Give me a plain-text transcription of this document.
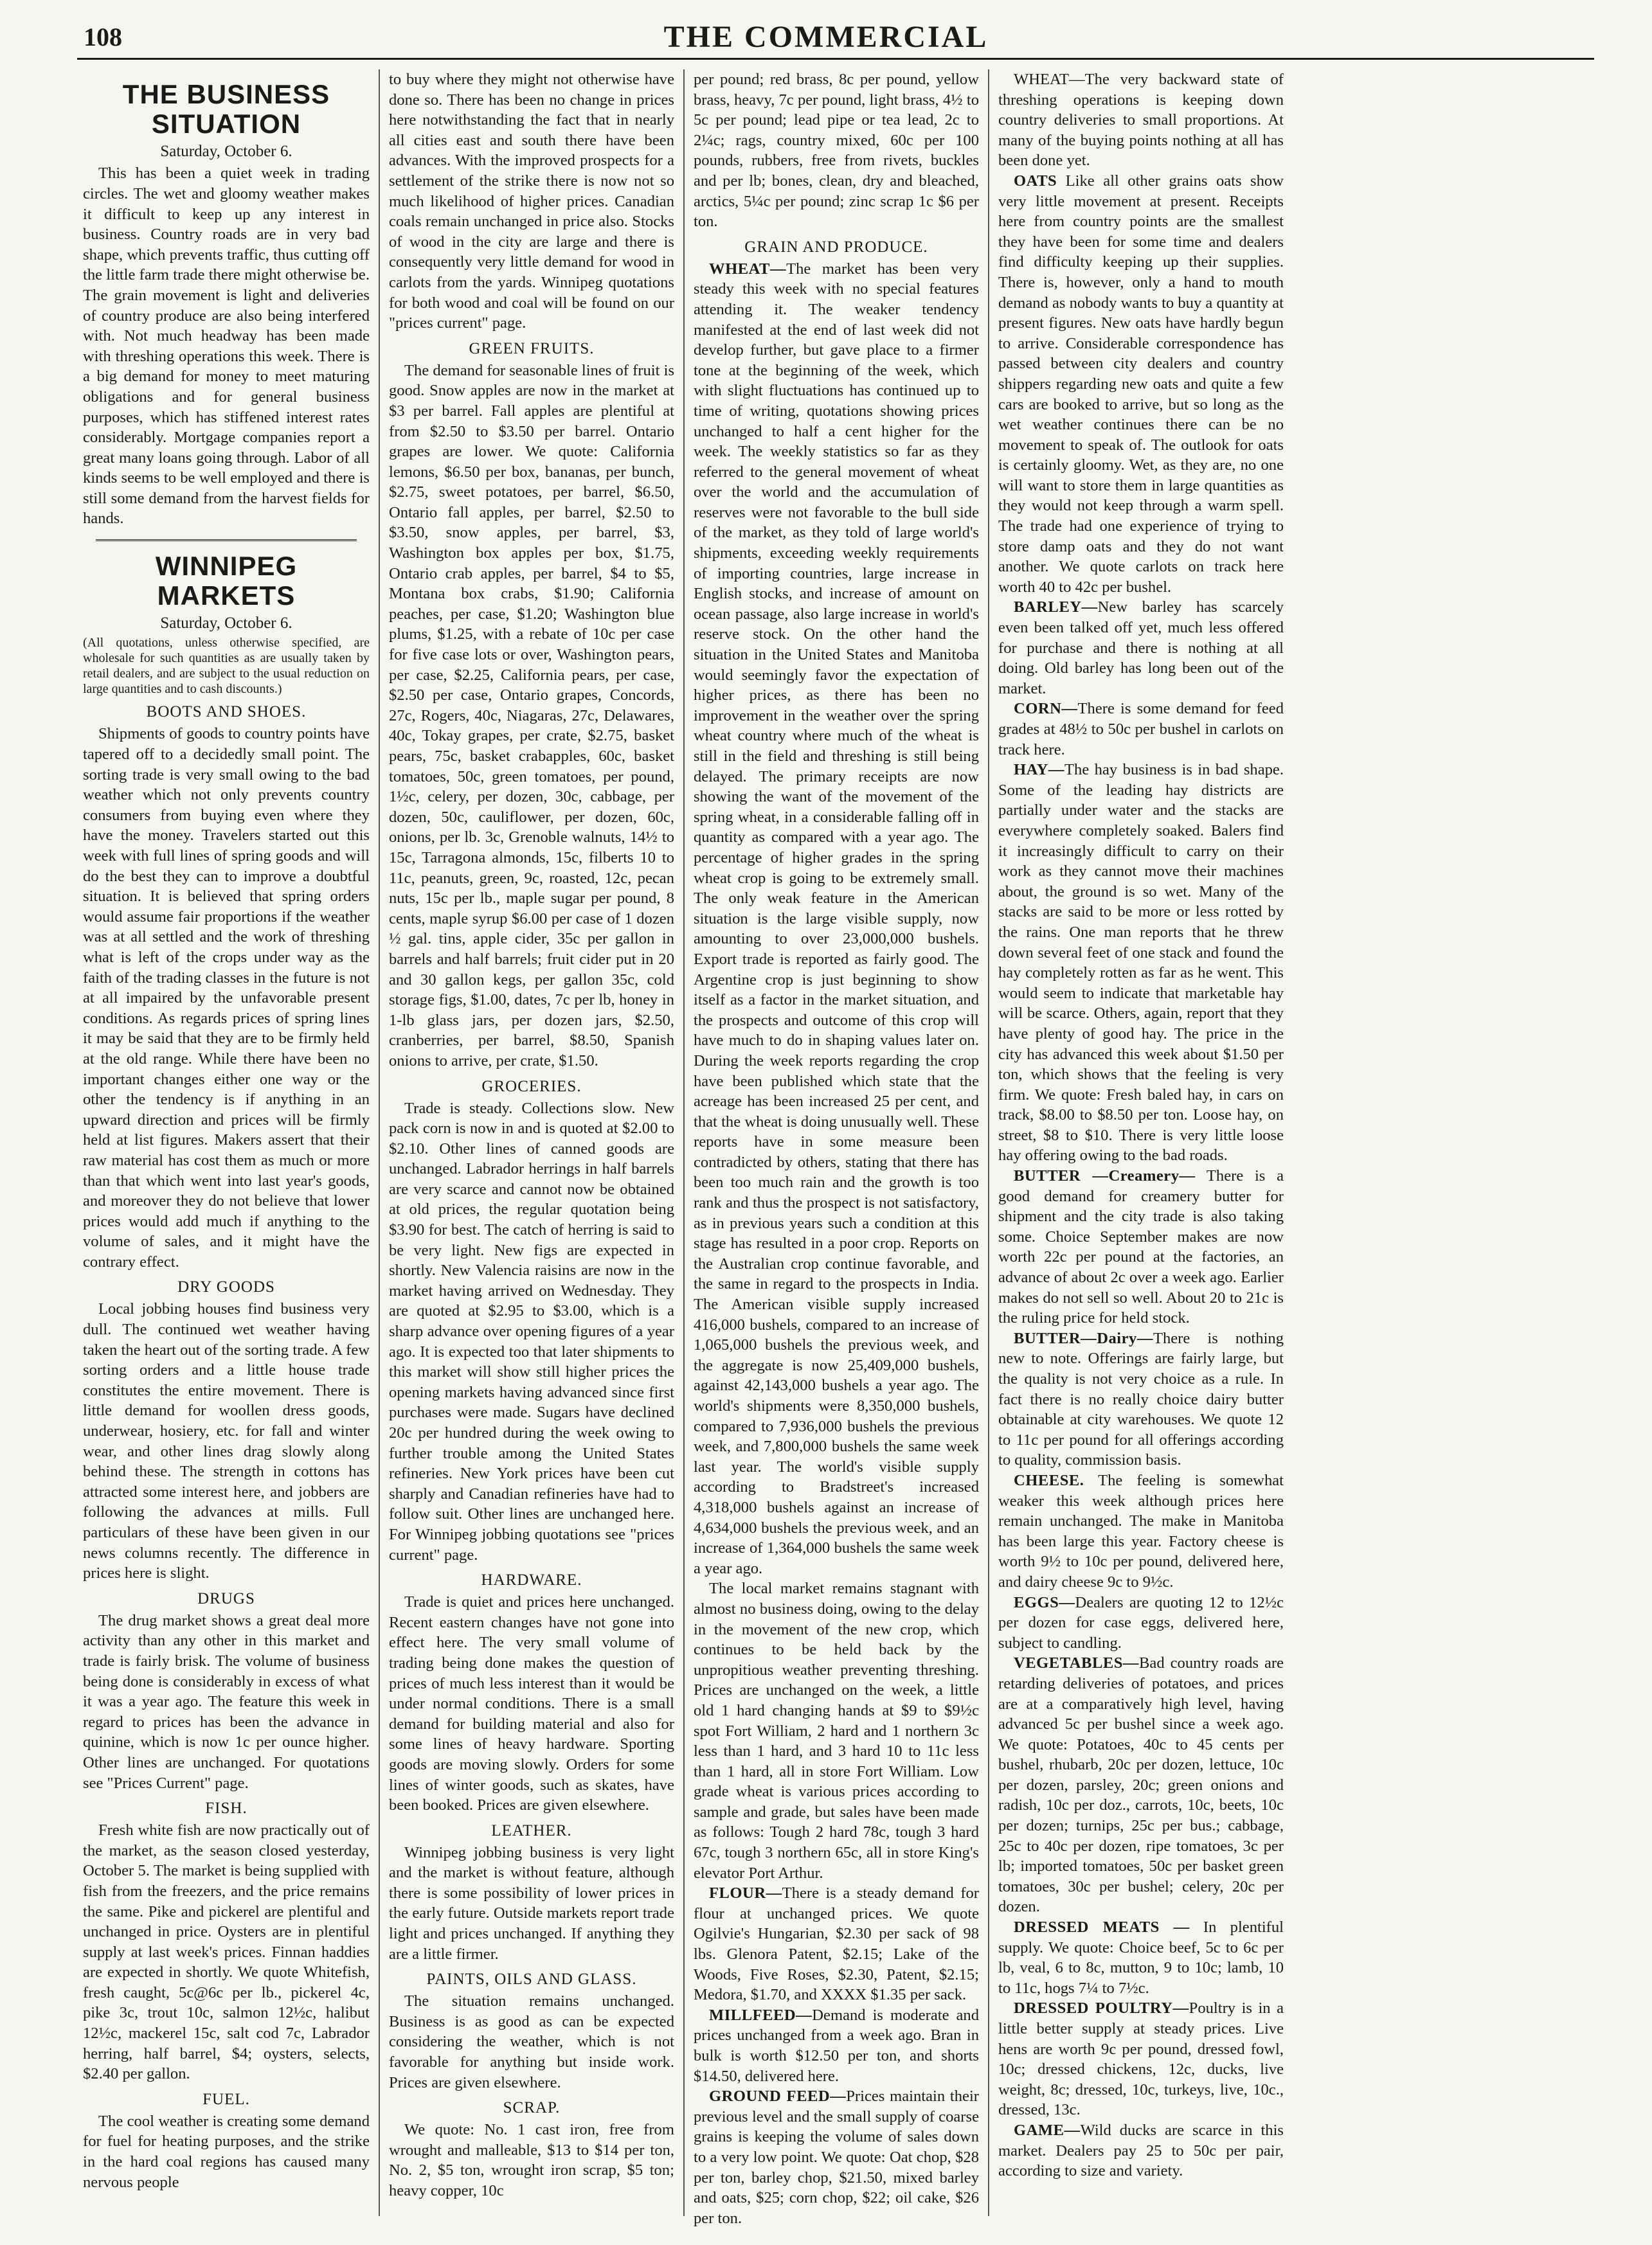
108	THE COMMERCIAL
THE BUSINESS SITUATION
Saturday, October 6.

This has been a quiet week in trading circles. The wet and gloomy weather makes it difficult to keep up any interest in business. Country roads are in very bad shape, which prevents traffic, thus cutting off the little farm trade there might otherwise be. The grain movement is light and deliveries of country produce are also being interfered with. Not much headway has been made with threshing operations this week. There is a big demand for money to meet maturing obligations and for general business purposes, which has stiffened interest rates considerably. Mortgage companies report a great many loans going through. Labor of all kinds seems to be well employed and there is still some demand from the harvest fields for hands.

WINNIPEG MARKETS
Saturday, October 6.

(All quotations, unless otherwise specified, are wholesale for such quantities as are usually taken by retail dealers, and are subject to the usual reduction on large quantities and to cash discounts.)

BOOTS AND SHOES.

Shipments of goods to country points have tapered off to a decidedly small point. The sorting trade is very small owing to the bad weather which not only prevents country consumers from buying even where they have the money. Travelers started out this week with full lines of spring goods and will do the best they can to improve a doubtful situation. It is believed that spring orders would assume fair proportions if the weather was at all settled and the work of threshing what is left of the crops under way as the faith of the trading classes in the future is not at all impaired by the unfavorable present conditions. As regards prices of spring lines it may be said that they are to be firmly held at the old range. While there have been no important changes either one way or the other the tendency is if anything in an upward direction and prices will be firmly held at list figures. Makers assert that their raw material has cost them as much or more than that which went into last year's goods, and moreover they do not believe that lower prices would add much if anything to the volume of sales, and it might have the contrary effect.

DRY GOODS

Local jobbing houses find business very dull. The continued wet weather having taken the heart out of the sorting trade. A few sorting orders and a little house trade constitutes the entire movement. There is little demand for woollen dress goods, underwear, hosiery, etc. for fall and winter wear, and other lines drag slowly along behind these. The strength in cottons has attracted some interest here, and jobbers are following the advances at mills. Full particulars of these have been given in our news columns recently. The difference in prices here is slight.

DRUGS

The drug market shows a great deal more activity than any other in this market and trade is fairly brisk. The volume of business being done is considerably in excess of what it was a year ago. The feature this week in regard to prices has been the advance in quinine, which is now 1c per ounce higher. Other lines are unchanged. For quotations see "Prices Current" page.

FISH.

Fresh white fish are now practically out of the market, as the season closed yesterday, October 5. The market is being supplied with fish from the freezers, and the price remains the same. Pike and pickerel are plentiful and unchanged in price. Oysters are in plentiful supply at last week's prices. Finnan haddies are expected in shortly. We quote Whitefish, fresh caught, 5c@6c per lb., pickerel 4c, pike 3c, trout 10c, salmon 12½c, halibut 12½c, mackerel 15c, salt cod 7c, Labrador herring, half barrel, $4; oysters, selects, $2.40 per gallon.

FUEL.

The cool weather is creating some demand for fuel for heating purposes, and the strike in the hard coal regions has caused many nervous people

to buy where they might not otherwise have done so. There has been no change in prices here notwithstanding the fact that in nearly all cities east and south there have been advances. With the improved prospects for a settlement of the strike there is now not so much likelihood of higher prices. Canadian coals remain unchanged in price also. Stocks of wood in the city are large and there is consequently very little demand for wood in carlots from the yards. Winnipeg quotations for both wood and coal will be found on our "prices current" page.

GREEN FRUITS.

The demand for seasonable lines of fruit is good. Snow apples are now in the market at $3 per barrel. Fall apples are plentiful at from $2.50 to $3.50 per barrel. Ontario grapes are lower. We quote: California lemons, $6.50 per box, bananas, per bunch, $2.75, sweet potatoes, per barrel, $6.50, Ontario fall apples, per barrel, $2.50 to $3.50, snow apples, per barrel, $3, Washington box apples per box, $1.75, Ontario crab apples, per barrel, $4 to $5, Montana box crabs, $1.90; California peaches, per case, $1.20; Washington blue plums, $1.25, with a rebate of 10c per case for five case lots or over, Washington pears, per case, $2.25, California pears, per case, $2.50 per case, Ontario grapes, Concords, 27c, Rogers, 40c, Niagaras, 27c, Delawares, 40c, Tokay grapes, per crate, $2.75, basket pears, 75c, basket crabapples, 60c, basket tomatoes, 50c, green tomatoes, per pound, 1½c, celery, per dozen, 30c, cabbage, per dozen, 50c, cauliflower, per dozen, 60c, onions, per lb. 3c, Grenoble walnuts, 14½ to 15c, Tarragona almonds, 15c, filberts 10 to 11c, peanuts, green, 9c, roasted, 12c, pecan nuts, 15c per lb., maple sugar per pound, 8 cents, maple syrup $6.00 per case of 1 dozen ½ gal. tins, apple cider, 35c per gallon in barrels and half barrels; fruit cider put in 20 and 30 gallon kegs, per gallon 35c, cold storage figs, $1.00, dates, 7c per lb, honey in 1-lb glass jars, per dozen jars, $2.50, cranberries, per barrel, $8.50, Spanish onions to arrive, per crate, $1.50.

GROCERIES.

Trade is steady. Collections slow. New pack corn is now in and is quoted at $2.00 to $2.10. Other lines of canned goods are unchanged. Labrador herrings in half barrels are very scarce and cannot now be obtained at old prices, the regular quotation being $3.90 for best. The catch of herring is said to be very light. New figs are expected in shortly. New Valencia raisins are now in the market having arrived on Wednesday. They are quoted at $2.95 to $3.00, which is a sharp advance over opening figures of a year ago. It is expected too that later shipments to this market will show still higher prices the opening markets having advanced since first purchases were made. Sugars have declined 20c per hundred during the week owing to further trouble among the United States refineries. New York prices have been cut sharply and Canadian refineries have had to follow suit. Other lines are unchanged here. For Winnipeg jobbing quotations see "prices current" page.

HARDWARE.

Trade is quiet and prices here unchanged. Recent eastern changes have not gone into effect here. The very small volume of trading being done makes the question of prices of much less interest than it would be under normal conditions. There is a small demand for building material and also for some lines of heavy hardware. Sporting goods are moving slowly. Orders for some lines of winter goods, such as skates, have been booked. Prices are given elsewhere.

LEATHER.

Winnipeg jobbing business is very light and the market is without feature, although there is some possibility of lower prices in the early future. Outside markets report trade light and prices unchanged. If anything they are a little firmer.

PAINTS, OILS AND GLASS.

The situation remains unchanged. Business is as good as can be expected considering the weather, which is not favorable for anything but inside work. Prices are given elsewhere.

SCRAP.

We quote: No. 1 cast iron, free from wrought and malleable, $13 to $14 per ton, No. 2, $5 ton, wrought iron scrap, $5 ton; heavy copper, 10c

per pound; red brass, 8c per pound, yellow brass, heavy, 7c per pound, light brass, 4½ to 5c per pound; lead pipe or tea lead, 2c to 2¼c; rags, country mixed, 60c per 100 pounds, rubbers, free from rivets, buckles and per lb; bones, clean, dry and bleached, arctics, 5¼c per pound; zinc scrap 1c $6 per ton.

GRAIN AND PRODUCE.

WHEAT—The market has been very steady this week with no special features attending it. The weaker tendency manifested at the end of last week did not develop further, but gave place to a firmer tone at the beginning of the week, which with slight fluctuations has continued up to time of writing, quotations showing prices unchanged to half a cent higher for the week. The weekly statistics so far as they referred to the general movement of wheat over the world and the accumulation of reserves were not favorable to the bull side of the market, as they told of large world's shipments, exceeding weekly requirements of importing countries, large increase in English stocks, and increase of amount on ocean passage, also large increase in world's reserve stock. On the other hand the situation in the United States and Manitoba would seemingly favor the expectation of higher prices, as there has been no improvement in the weather over the spring wheat country where much of the wheat is still in the field and threshing is still being delayed. The primary receipts are now showing the want of the movement of the spring wheat, in a considerable falling off in quantity as compared with a year ago. The percentage of higher grades in the spring wheat crop is going to be extremely small. The only weak feature in the American situation is the large visible supply, now amounting to over 23,000,000 bushels. Export trade is reported as fairly good. The Argentine crop is just beginning to show itself as a factor in the market situation, and the prospects and outcome of this crop will have much to do in shaping values later on. During the week reports regarding the crop have been published which state that the acreage has been increased 25 per cent, and that the wheat is doing unusually well. These reports have in some measure been contradicted by others, stating that there has been too much rain and the growth is too rank and thus the prospect is not satisfactory, as in previous years such a condition at this stage has resulted in a poor crop. Reports on the Australian crop continue favorable, and the same in regard to the prospects in India. The American visible supply increased 416,000 bushels, compared to an increase of 1,065,000 bushels the previous week, and the aggregate is now 25,409,000 bushels, against 42,143,000 bushels a year ago. The world's shipments were 8,350,000 bushels, compared to 7,936,000 bushels the previous week, and 7,800,000 bushels the same week last year. The world's visible supply according to Bradstreet's increased 4,318,000 bushels against an increase of 4,634,000 bushels the previous week, and an increase of 1,364,000 bushels the same week a year ago.

The local market remains stagnant with almost no business doing, owing to the delay in the movement of the new crop, which continues to be held back by the unpropitious weather preventing threshing. Prices are unchanged on the week, a little old 1 hard changing hands at $9 to $9½c spot Fort William, 2 hard and 1 northern 3c less than 1 hard, and 3 hard 10 to 11c less than 1 hard, all in store Fort William. Low grade wheat is various prices according to sample and grade, but sales have been made as follows: Tough 2 hard 78c, tough 3 hard 67c, tough 3 northern 65c, all in store King's elevator Port Arthur.

FLOUR—There is a steady demand for flour at unchanged prices. We quote Ogilvie's Hungarian, $2.30 per sack of 98 lbs. Glenora Patent, $2.15; Lake of the Woods, Five Roses, $2.30, Patent, $2.15; Medora, $1.70, and XXXX $1.35 per sack.

MILLFEED—Demand is moderate and prices unchanged from a week ago. Bran in bulk is worth $12.50 per ton, and shorts $14.50, delivered here.

GROUND FEED—Prices maintain their previous level and the small supply of coarse grains is keeping the volume of sales down to a very low point. We quote: Oat chop, $28 per ton, barley chop, $21.50, mixed barley and oats, $25; corn chop, $22; oil cake, $26 per ton.

WHEAT—The very backward state of threshing operations is keeping down country deliveries to small proportions. At many of the buying points nothing at all has been done yet.

OATS Like all other grains oats show very little movement at present. Receipts here from country points are the smallest they have been for some time and dealers find difficulty keeping up their supplies. There is, however, only a hand to mouth demand as nobody wants to buy a quantity at present figures. New oats have hardly begun to arrive. Considerable correspondence has passed between city dealers and country shippers regarding new oats and quite a few cars are booked to arrive, but so long as the wet weather continues there can be no movement to speak of. The outlook for oats is certainly gloomy. Wet, as they are, no one will want to store them in large quantities as they would not keep through a warm spell. The trade had one experience of trying to store damp oats and they do not want another. We quote carlots on track here worth 40 to 42c per bushel.

BARLEY—New barley has scarcely even been talked off yet, much less offered for purchase and there is nothing at all doing. Old barley has long been out of the market.

CORN—There is some demand for feed grades at 48½ to 50c per bushel in carlots on track here.

HAY—The hay business is in bad shape. Some of the leading hay districts are partially under water and the stacks are everywhere completely soaked. Balers find it increasingly difficult to carry on their work as they cannot move their machines about, the ground is so wet. Many of the stacks are said to be more or less rotted by the rains. One man reports that he threw down several feet of one stack and found the hay completely rotten as far as he went. This would seem to indicate that marketable hay will be scarce. Others, again, report that they have plenty of good hay. The price in the city has advanced this week about $1.50 per ton, which shows that the feeling is very firm. We quote: Fresh baled hay, in cars on track, $8.00 to $8.50 per ton. Loose hay, on street, $8 to $10. There is very little loose hay offering owing to the bad roads.

BUTTER —Creamery— There is a good demand for creamery butter for shipment and the city trade is also taking some. Choice September makes are now worth 22c per pound at the factories, an advance of about 2c over a week ago. Earlier makes do not sell so well. About 20 to 21c is the ruling price for held stock.

BUTTER—Dairy—There is nothing new to note. Offerings are fairly large, but the quality is not very choice as a rule. In fact there is no really choice dairy butter obtainable at city warehouses. We quote 12 to 11c per pound for all offerings according to quality, commission basis.

CHEESE. The feeling is somewhat weaker this week although prices here remain unchanged. The make in Manitoba has been large this year. Factory cheese is worth 9½ to 10c per pound, delivered here, and dairy cheese 9c to 9½c.

EGGS—Dealers are quoting 12 to 12½c per dozen for case eggs, delivered here, subject to candling.

VEGETABLES—Bad country roads are retarding deliveries of potatoes, and prices are at a comparatively high level, having advanced 5c per bushel since a week ago. We quote: Potatoes, 40c to 45 cents per bushel, rhubarb, 20c per dozen, lettuce, 10c per dozen, parsley, 20c; green onions and radish, 10c per doz., carrots, 10c, beets, 10c per dozen; turnips, 25c per bus.; cabbage, 25c to 40c per dozen, ripe tomatoes, 3c per lb; imported tomatoes, 50c per basket green tomatoes, 30c per bushel; celery, 20c per dozen.

DRESSED MEATS — In plentiful supply. We quote: Choice beef, 5c to 6c per lb, veal, 6 to 8c, mutton, 9 to 10c; lamb, 10 to 11c, hogs 7¼ to 7½c.

DRESSED POULTRY—Poultry is in a little better supply at steady prices. Live hens are worth 9c per pound, dressed fowl, 10c; dressed chickens, 12c, ducks, live weight, 8c; dressed, 10c, turkeys, live, 10c., dressed, 13c.

GAME—Wild ducks are scarce in this market. Dealers pay 25 to 50c per pair, according to size and variety.
